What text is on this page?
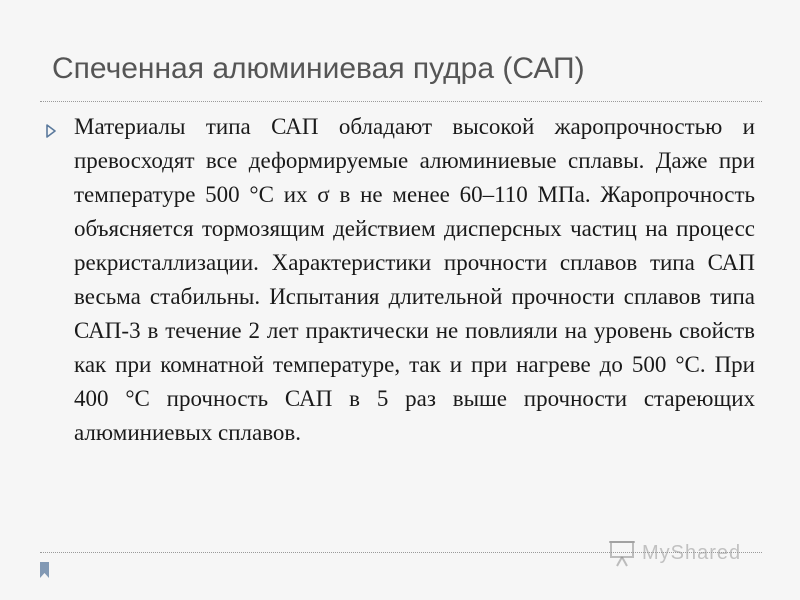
Спеченная алюминиевая пудра (САП)
Материалы типа САП обладают высокой жаропрочностью и превосходят все деформируемые алюминиевые сплавы. Даже при температуре 500 °С их σ в не менее 60–110 МПа. Жаропрочность объясняется тормозящим действием дисперсных частиц на процесс рекристаллизации. Характеристики прочности сплавов типа САП весьма стабильны. Испытания длительной прочности сплавов типа САП-3 в течение 2 лет практически не повлияли на уровень свойств как при комнатной температуре, так и при нагреве до 500 °С. При 400 °С прочность САП в 5 раз выше прочности стареющих алюминиевых сплавов.
MyShared
